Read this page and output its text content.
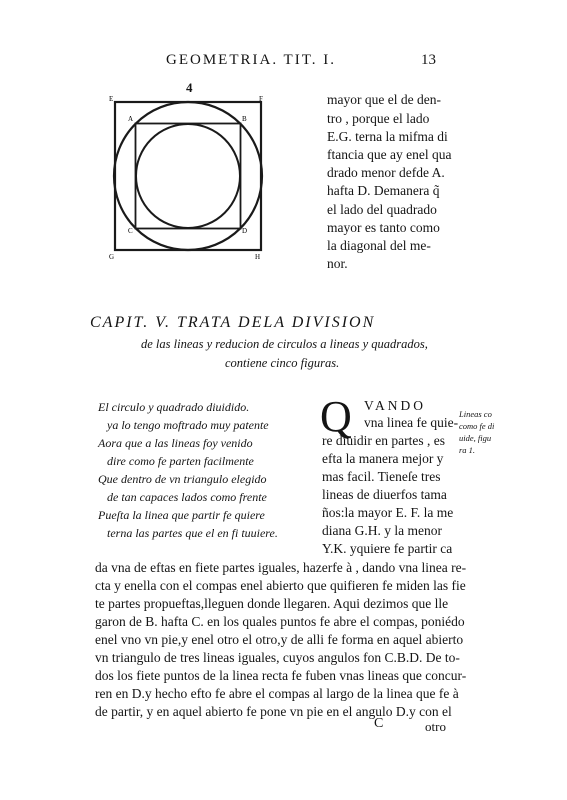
GEOMETRIA. TIT. I.	13
4
E	F
A	B
C	D
G	H
mayor que el de den-
tro , porque el lado
E.G. terna la mifma di
ftancia que ay enel qua
drado menor defde A.
hafta D. Demanera q̃
el lado del quadrado
mayor es tanto como
la diagonal del me-
nor.
CAPIT. V. TRATA DELA DIVISION
de las lineas y reducion de circulos a lineas y quadrados,
contiene cinco figuras.
El circulo y quadrado diuidido.
ya lo tengo moftrado muy patente
Aora que a las lineas foy venido
dire como fe parten facilmente
Que dentro de vn triangulo elegido
de tan capaces lados como frente
Pueſta la linea que partir fe quiere
terna las partes que el en fi tuuiere.
Q VANDO
vna linea fe quie-
re diuidir en partes , es
efta la manera mejor y
mas facil. Tieneſe tres
lineas de diuerfos tama
ños:la mayor E. F. la me
diana G.H. y la menor
Y.K. yquiere fe partir ca
Lineas co
como fe di
uide, figu
ra 1.
da vna de eftas en fiete partes iguales, hazerfe à , dando vna linea re-
cta y enella con el compas enel abierto que quifieren fe miden las fie
te partes propueftas,lleguen donde llegaren. Aqui dezimos que lle
garon de B. hafta C. en los quales puntos fe abre el compas, poniédo
enel vno vn pie,y enel otro el otro,y de alli fe forma en aquel abierto
vn triangulo de tres lineas iguales, cuyos angulos fon C.B.D. De to-
dos los fiete puntos de la linea recta fe fuben vnas lineas que concur-
ren en D.y hecho efto fe abre el compas al largo de la linea que fe à
de partir, y en aquel abierto fe pone vn pie en el angulo D.y con el
C	otro
